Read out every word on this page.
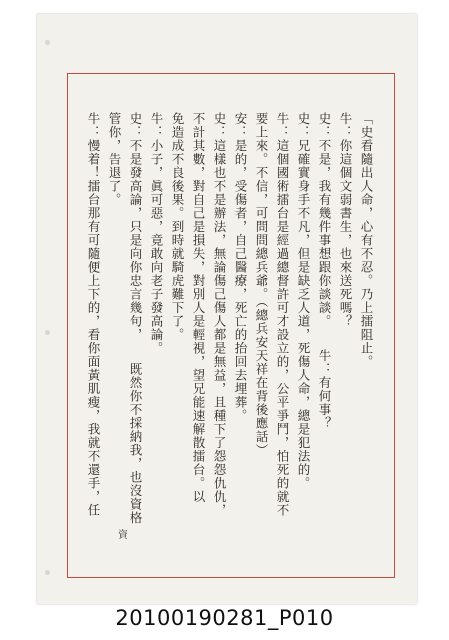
「史看隨出人命，心有不忍。乃上擂阻止。
牛：你這個文弱書生，也來送死嗎？
史：不是，我有幾件事想跟你談談。　　牛：有何事？
史：兄確實身手不凡，但是缺乏人道，死傷人命，總是犯法的。
牛：這個國術擂台是經過總督許可才設立的，公平爭鬥，怕死的就不
要上來。不信，可問問總兵爺。（總兵安天祥在背後應話）
安：是的，受傷者，自己醫療，死亡的抬回去埋葬。
史：這樣也不是辦法，無論傷己傷人都是無益，且種下了怨怨仇仇，
不計其數，對自己是損失，對別人是輕視，望兄能速解散擂台。以
免造成不良後果。到時就騎虎難下了。
牛：小子，眞可惡，竟敢向老子發高論。
史：不是發高論，只是向你忠言幾句，　　既然你不採納我，也沒資格
管你，告退了。
牛：慢着！擂台那有可隨便上下的，看你面黃肌瘦，我就不還手，任
資
20100190281_P010
